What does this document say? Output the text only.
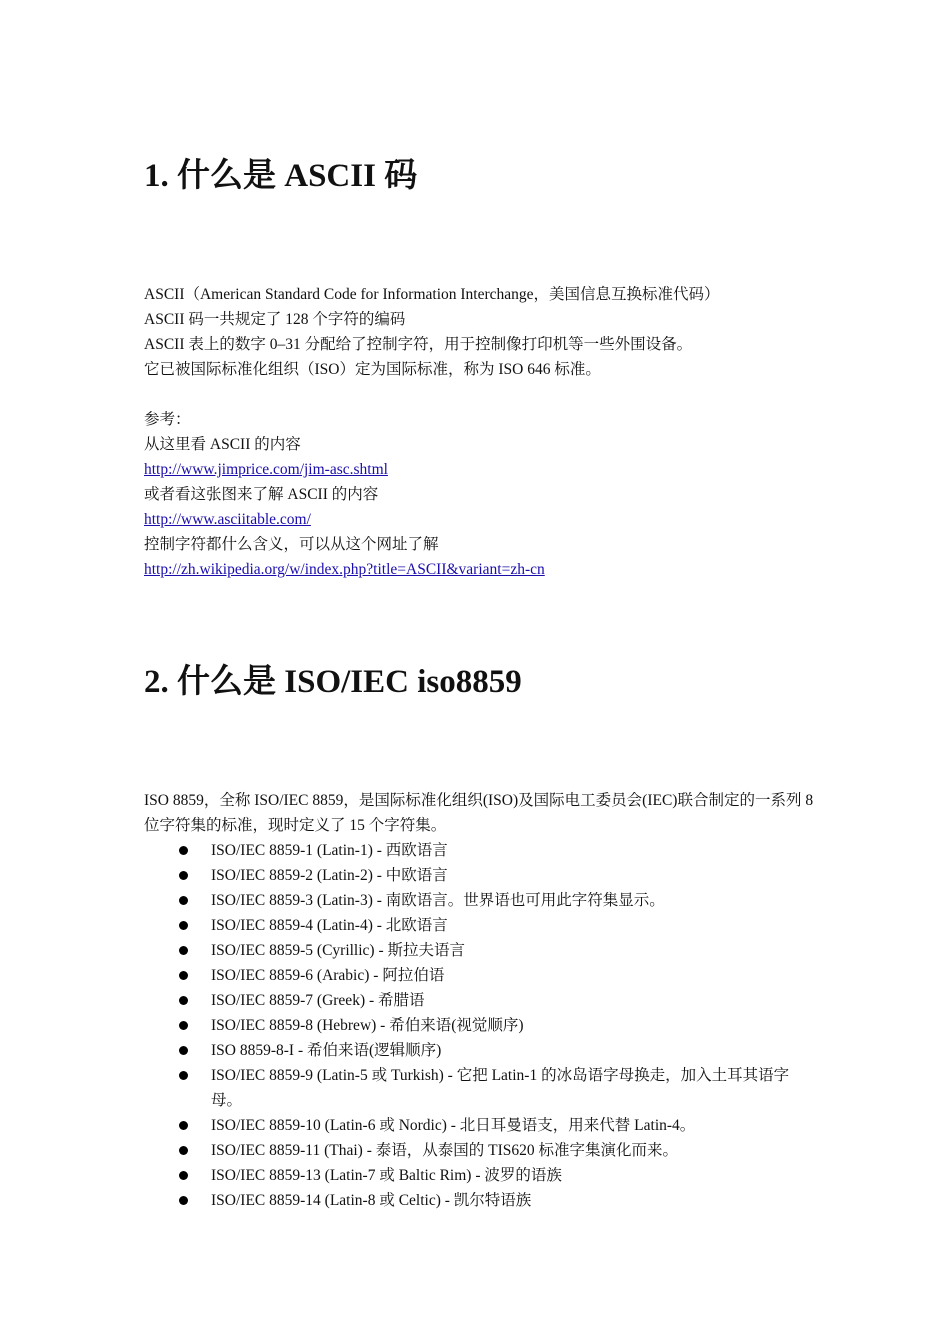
1. 什么是 ASCII 码

ASCII（American Standard Code for Information Interchange，美国信息互换标准代码）

ASCII 码一共规定了 128 个字符的编码

ASCII 表上的数字 0–31 分配给了控制字符，用于控制像打印机等一些外围设备。

它已被国际标准化组织（ISO）定为国际标准，称为 ISO 646 标准。

参考：

从这里看 ASCII 的内容

http://www.jimprice.com/jim-asc.shtml

或者看这张图来了解 ASCII 的内容

http://www.asciitable.com/

控制字符都什么含义，可以从这个网址了解

http://zh.wikipedia.org/w/index.php?title=ASCII&variant=zh-cn

2. 什么是 ISO/IEC iso8859

ISO 8859，全称 ISO/IEC 8859，是国际标准化组织(ISO)及国际电工委员会(IEC)联合制定的一系列 8 位字符集的标准，现时定义了 15 个字符集。

ISO/IEC 8859-1 (Latin-1) - 西欧语言
ISO/IEC 8859-2 (Latin-2) - 中欧语言
ISO/IEC 8859-3 (Latin-3) - 南欧语言。世界语也可用此字符集显示。
ISO/IEC 8859-4 (Latin-4) - 北欧语言
ISO/IEC 8859-5 (Cyrillic) - 斯拉夫语言
ISO/IEC 8859-6 (Arabic) - 阿拉伯语
ISO/IEC 8859-7 (Greek) - 希腊语
ISO/IEC 8859-8 (Hebrew) - 希伯来语(视觉顺序)
ISO 8859-8-I - 希伯来语(逻辑顺序)
ISO/IEC 8859-9 (Latin-5 或 Turkish) - 它把 Latin-1 的冰岛语字母换走，加入土耳其语字母。
ISO/IEC 8859-10 (Latin-6 或 Nordic) - 北日耳曼语支，用来代替 Latin-4。
ISO/IEC 8859-11 (Thai) - 泰语，从泰国的 TIS620 标准字集演化而来。
ISO/IEC 8859-13 (Latin-7 或 Baltic Rim) - 波罗的语族
ISO/IEC 8859-14 (Latin-8 或 Celtic) - 凯尔特语族
